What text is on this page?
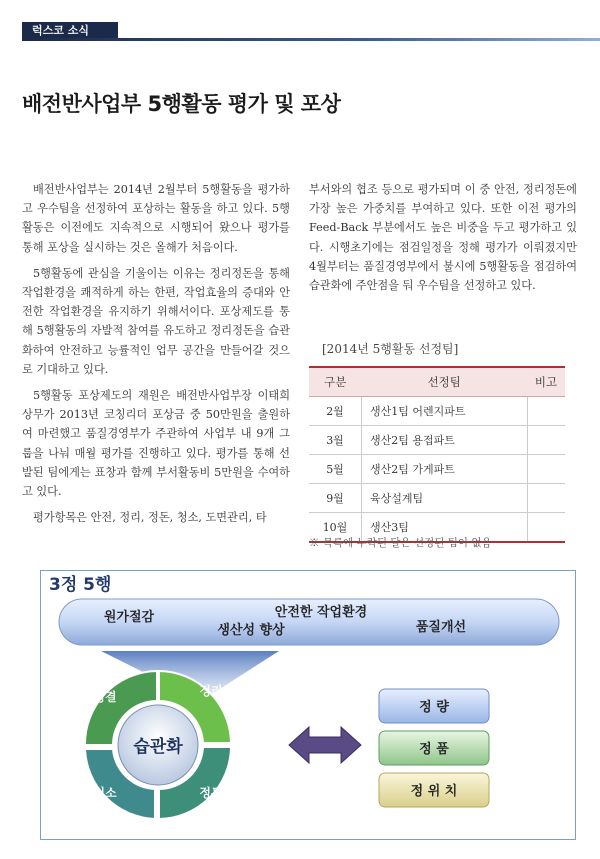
럭스코 소식
배전반사업부 5행활동 평가 및 포상

배전반사업부는 2014년 2월부터 5행활동을 평가하고 우수팀을 선정하여 포상하는 활동을 하고 있다. 5행활동은 이전에도 지속적으로 시행되어 왔으나 평가를 통해 포상을 실시하는 것은 올해가 처음이다.

5행활동에 관심을 기울이는 이유는 정리정돈을 통해 작업환경을 쾌적하게 하는 한편, 작업효율의 증대와 안전한 작업환경을 유지하기 위해서이다. 포상제도를 통해 5행활동의 자발적 참여를 유도하고 정리정돈을 습관화하여 안전하고 능률적인 업무 공간을 만들어갈 것으로 기대하고 있다.

5행활동 포상제도의 재원은 배전반사업부장 이태희 상무가 2013년 코칭리더 포상금 중 50만원을 출원하여 마련했고 품질경영부가 주관하여 사업부 내 9개 그룹을 나눠 매월 평가를 진행하고 있다. 평가를 통해 선발된 팀에게는 표창과 함께 부서활동비 5만원을 수여하고 있다.

평가항목은 안전, 정리, 정돈, 청소, 도면관리, 타

부서와의 협조 등으로 평가되며 이 중 안전, 정리정돈에 가장 높은 가중치를 부여하고 있다. 또한 이전 평가의 Feed-Back 부분에서도 높은 비중을 두고 평가하고 있다. 시행초기에는 점검일정을 정해 평가가 이뤄졌지만 4월부터는 품질경영부에서 불시에 5행활동을 점검하여 습관화에 주안점을 둬 우수팀을 선정하고 있다.

[2014년 5행활동 선정팀]
구분	선정팀	비고
2월	생산1팀 어렌지파트	
3월	생산2팀 용접파트	
5월	생산2팀 가게파트	
9월	육상설계팀	
10월	생산3팀	
※ 목록에 누락된 달은 선정된 팀이 없음
3정 5행
원가절감	안전한 작업환경
생산성 향상	품질개선
습관화
정리
정돈
청소
청결
정 량
정 품
정 위 치
